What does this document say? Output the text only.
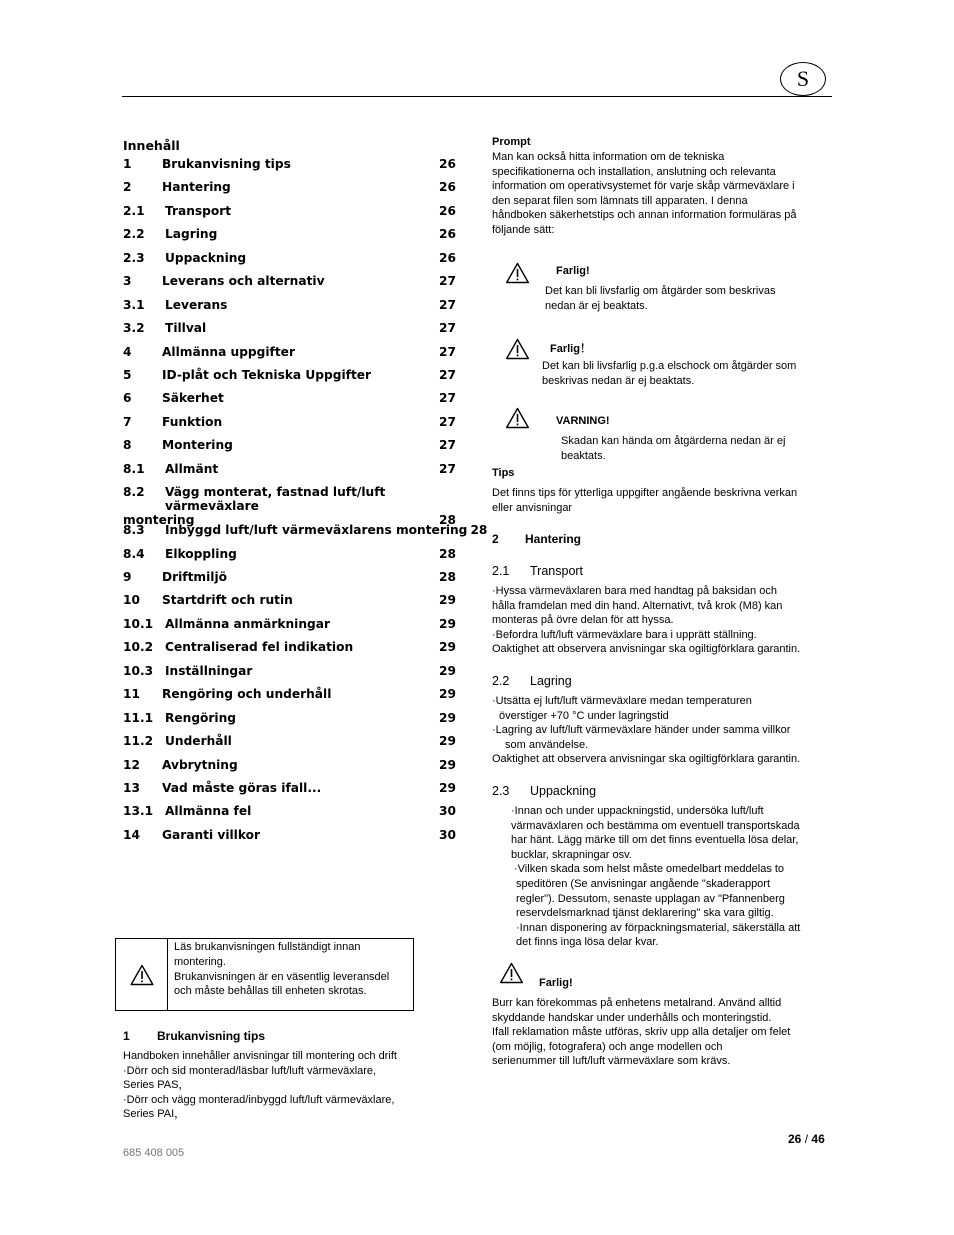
S
Innehåll
1	Brukanvisning tips	26
2	Hantering	26
2.1	Transport	26
2.2	Lagring	26
2.3	Uppackning	26
3	Leverans och alternativ	27
3.1	Leverans	27
3.2	Tillval	27
4	Allmänna uppgifter	27
5	ID-plåt och Tekniska Uppgifter	27
6	Säkerhet	27
7	Funktion	27
8	Montering	27
8.1	Allmänt	27
8.2	Vägg monterat, fastnad luft/luft värmeväxlare
montering	28
8.3	Inbyggd luft/luft värmeväxlarens montering 28
8.4	Elkoppling	28
9	Driftmiljö	28
10	Startdrift och rutin	29
10.1 Allmänna anmärkningar	29
10.2 Centraliserad fel indikation	29
10.3 Inställningar	29
11	Rengöring och underhåll	29
11.1 Rengöring	29
11.2 Underhåll	29
12	Avbrytning	29
13	Vad måste göras ifall...	29
13.1 Allmänna fel	30
14	Garanti villkor	30
Läs brukanvisningen fullständigt innan
montering.
Brukanvisningen är en väsentlig leveransdel
och måste behållas till enheten skrotas.
1 Brukanvisning tips
Handboken innehåller anvisningar till montering och drift
·Dörr och sid monterad/läsbar luft/luft värmeväxlare,
Series PAS，
·Dörr och vägg monterad/inbyggd luft/luft värmeväxlare,
Series PAI，
685 408 005
26 / 46
Prompt
Man kan också hitta information om de tekniska
specifikationerna och installation, anslutning och relevanta
information om operativsystemet för varje skåp värmeväxlare i
den separat filen som lämnats till apparaten. I denna
håndboken säkerhetstips och annan information formuläras på
följande sätt:
Farlig!
Det kan bli livsfarlig om åtgärder som beskrivas
nedan är ej beaktats.
Farlig！
Det kan bli livsfarlig p.g.a elschock om åtgärder som
beskrivas nedan är ej beaktats.
VARNING!
Skadan kan hända om åtgärderna nedan är ej
beaktats.
Tips
Det finns tips för ytterliga uppgifter angående beskrivna verkan
eller anvisningar
2 Hantering
2.1 Transport
·Hyssa värmeväxlaren bara med handtag på baksidan och
hålla framdelan med din hand. Alternativt, två krok (M8) kan
monteras på övre delan för att hyssa.
·Befordra luft/luft värmeväxlare bara i upprätt ställning.
Oaktighet att observera anvisningar ska ogiltigförklara garantin.
2.2 Lagring
·Utsätta ej luft/luft värmeväxlare medan temperaturen
överstiger +70 °C under lagringstid
·Lagring av luft/luft värmeväxlare händer under samma villkor
som användelse.
Oaktighet att observera anvisningar ska ogiltigförklara garantin.
2.3 Uppackning
·Innan och under uppackningstid, undersöka luft/luft
värmaväxlaren och bestämma om eventuell transportskada
har hänt. Lägg märke till om det finns eventuella lösa delar,
bucklar, skrapningar osv.
·Vilken skada som helst måste omedelbart meddelas to
speditören (Se anvisningar angående "skaderapport
regler"). Dessutom, senaste upplagan av "Pfannenberg
reservdelsmarknad tjänst deklarering" ska vara giltig.
·Innan disponering av förpackningsmaterial, säkerställa att
det finns inga lösa delar kvar.
Farlig!
Burr kan förekommas på enhetens metalrand. Använd alltid
skyddande handskar under underhålls och monteringstid.
Ifall reklamation måste utföras, skriv upp alla detaljer om felet
(om möjlig, fotografera) och ange modellen och
serienummer till luft/luft värmeväxlare som krävs.
